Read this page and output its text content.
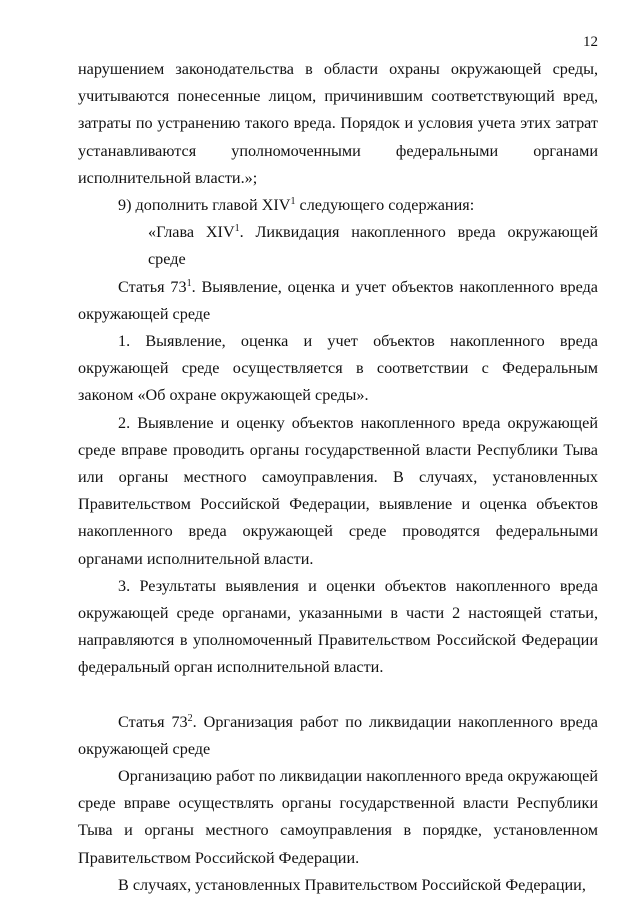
12

нарушением законодательства в области охраны окружающей среды, учитываются понесенные лицом, причинившим соответствующий вред, затраты по устранению такого вреда. Порядок и условия учета этих затрат устанавливаются уполномоченными федеральными органами исполнительной власти.»;

9) дополнить главой XIV$^1$ следующего содержания:

«Глава XIV$^1$. Ликвидация накопленного вреда окружающей среде

Статья $73^1$. Выявление, оценка и учет объектов накопленного вреда окружающей среде

1. Выявление, оценка и учет объектов накопленного вреда окружающей среде осуществляется в соответствии с Федеральным законом «Об охране окружающей среды».

2. Выявление и оценку объектов накопленного вреда окружающей среде вправе проводить органы государственной власти Республики Тыва или органы местного самоуправления. В случаях, установленных Правительством Российской Федерации, выявление и оценка объектов накопленного вреда окружающей среде проводятся федеральными органами исполнительной власти.

3. Результаты выявления и оценки объектов накопленного вреда окружающей среде органами, указанными в части 2 настоящей статьи, направляются в уполномоченный Правительством Российской Федерации федеральный орган исполнительной власти.

Статья $73^2$. Организация работ по ликвидации накопленного вреда окружающей среде

Организацию работ по ликвидации накопленного вреда окружающей среде вправе осуществлять органы государственной власти Республики Тыва и органы местного самоуправления в порядке, установленном Правительством Российской Федерации.

В случаях, установленных Правительством Российской Федерации,
